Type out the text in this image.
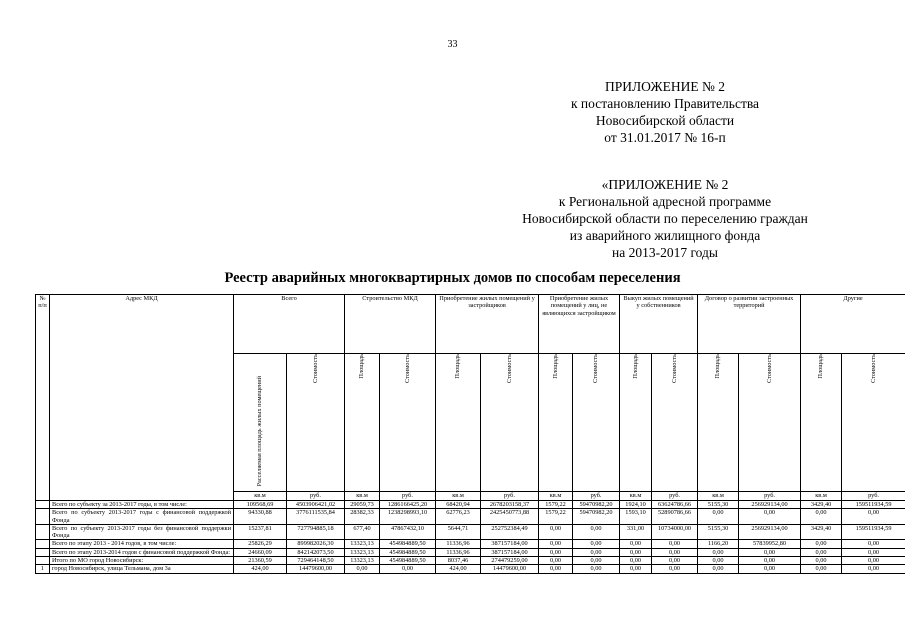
33
ПРИЛОЖЕНИЕ № 2
к постановлению Правительства
Новосибирской области
от 31.01.2017 № 16-п
«ПРИЛОЖЕНИЕ № 2
к Региональной адресной программе
Новосибирской области по переселению граждан
из аварийного жилищного фонда
на 2013-2017 годы
Реестр аварийных многоквартирных домов по способам переселения
№ п/п	Адрес МКД	Всего		Строительство МКД		Приобретение жилых помещений у застройщиков		Приобретение жилых помещений у лиц, не являющихся застройщиком		Выкуп жилых помещений у собственников		Договор о развитии застроенных территорий		Другие	
		Расселяемая площадь жилых помещений	Стоимость	Площадь	Стоимость	Площадь	Стоимость	Площадь	Стоимость	Площадь	Стоимость	Площадь	Стоимость	Площадь	Стоимость
		кв.м	руб.	кв.м	руб.	кв.м	руб.	кв.м	руб.	кв.м	руб.	кв.м	руб.	кв.м	руб.
	Всего по субъекту за 2013-2017 годы, в том числе:	109568,69	4503906421,02	29059,73	1286166425,20	68420,94	2678203158,37	1579,22	59470982,20	1924,10	63624786,66	5155,30	256929134,00	3429,40	159511934,59
	Всего по субъекту 2013-2017 годы с финансовой поддержкой Фонда	94330,88	3776111535,84	28382,33	1238298993,10	62776,23	2425450773,88	1579,22	59470982,20	1593,10	52890786,66	0,00	0,00	0,00	0,00
	Всего по субъекту 2013-2017 годы без финансовой поддержки Фонда	15237,81	727794885,18	677,40	47867432,10	5644,71	252752384,49	0,00	0,00	331,00	10734000,00	5155,30	256929134,00	3429,40	159511934,59
	Всего по этапу 2013 - 2014 годов, в том числе:	25826,29	899982026,30	13323,13	454984889,50	11336,96	387157184,00	0,00	0,00	0,00	0,00	1166,20	57839952,80	0,00	0,00
	Всего по этапу 2013-2014 годов с финансовой поддержкой Фонда:	24660,09	842142073,50	13323,13	454984889,50	11336,96	387157184,00	0,00	0,00	0,00	0,00	0,00	0,00	0,00	0,00
	Итого по МО город Новосибирск:	21360,59	729464148,50	13323,13	454984889,50	8037,46	274479259,00	0,00	0,00	0,00	0,00	0,00	0,00	0,00	0,00
1	город Новосибирск, улица Тельмана, дом 3а	424,00	14479600,00	0,00	0,00	424,00	14479600,00	0,00	0,00	0,00	0,00	0,00	0,00	0,00	0,00
